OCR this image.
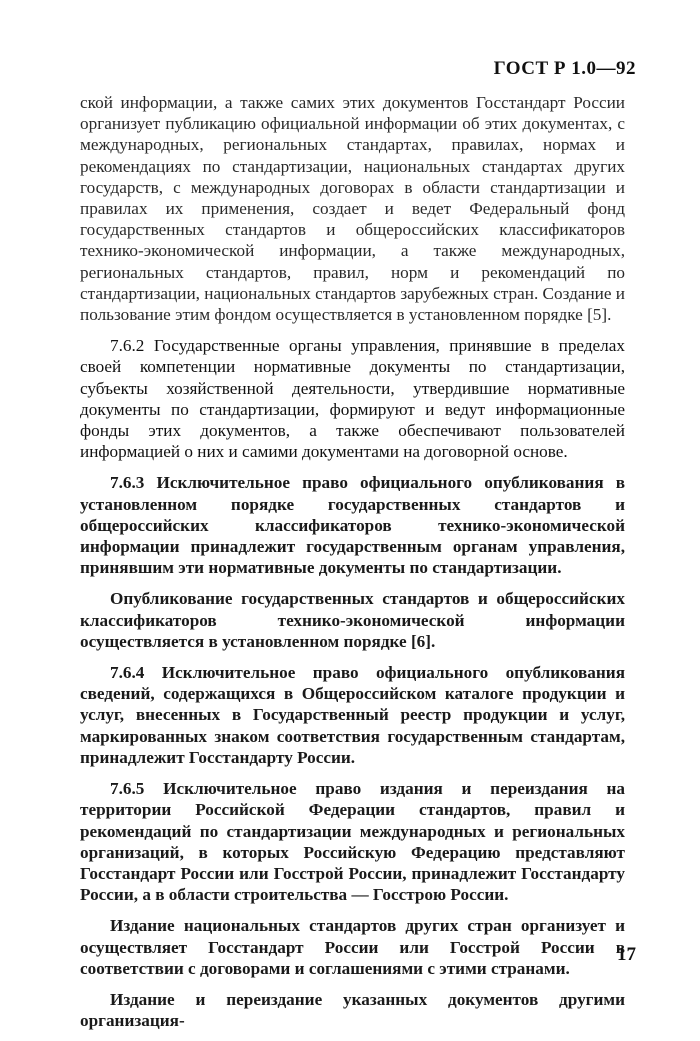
ГОСТ Р 1.0—92

ской информации, а также самих этих документов Госстандарт России организует публикацию официальной информации об этих документах, с международных, региональных стандартах, правилах, нормах и рекомендациях по стандартизации, национальных стандартах других государств, с международных договорах в области стандартизации и правилах их применения, создает и ведет Федеральный фонд государственных стандартов и общероссийских классификаторов технико-экономической информации, а также международных, региональных стандартов, правил, норм и рекомендаций по стандартизации, национальных стандартов зарубежных стран. Создание и пользование этим фондом осуществляется в установленном порядке [5].

7.6.2 Государственные органы управления, принявшие в пределах своей компетенции нормативные документы по стандартизации, субъекты хозяйственной деятельности, утвердившие нормативные документы по стандартизации, формируют и ведут информационные фонды этих документов, а также обеспечивают пользователей информацией о них и самими документами на договорной основе.

7.6.3 Исключительное право официального опубликования в установленном порядке государственных стандартов и общероссийских классификаторов технико-экономической информации принадлежит государственным органам управления, принявшим эти нормативные документы по стандартизации.

Опубликование государственных стандартов и общероссийских классификаторов технико-экономической информации осуществляется в установленном порядке [6].

7.6.4 Исключительное право официального опубликования сведений, содержащихся в Общероссийском каталоге продукции и услуг, внесенных в Государственный реестр продукции и услуг, маркированных знаком соответствия государственным стандартам, принадлежит Госстандарту России.

7.6.5 Исключительное право издания и переиздания на территории Российской Федерации стандартов, правил и рекомендаций по стандартизации международных и региональных организаций, в которых Российскую Федерацию представляют Госстандарт России или Госстрой России, принадлежит Госстандарту России, а в области строительства — Госстрою России.

Издание национальных стандартов других стран организует и осуществляет Госстандарт России или Госстрой России в соответствии с договорами и соглашениями с этими странами.

Издание и переиздание указанных документов другими организация-

17
